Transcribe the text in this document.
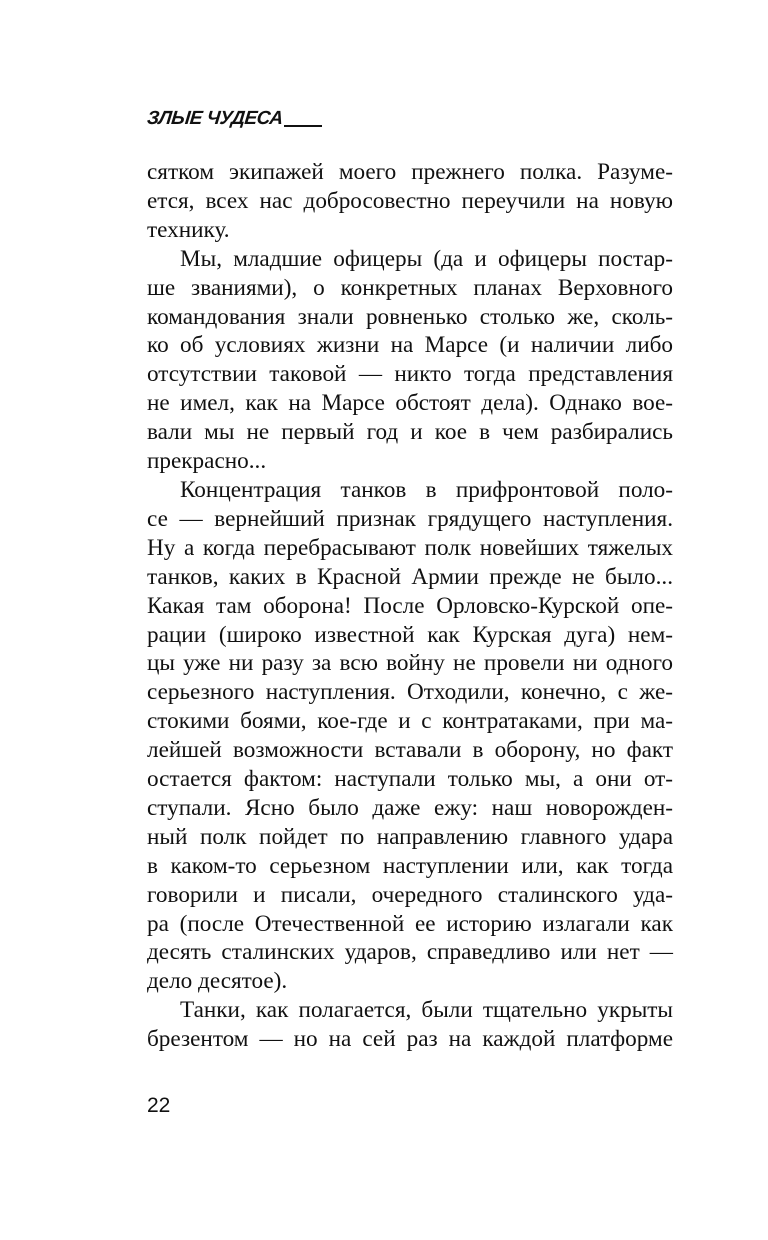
ЗЛЫЕ ЧУДЕСА

сятком экипажей моего прежнего полка. Разуме-
ется, всех нас добросовестно переучили на новую
технику.

Мы, младшие офицеры (да и офицеры постар-
ше званиями), о конкретных планах Верховного
командования знали ровненько столько же, сколь-
ко об условиях жизни на Марсе (и наличии либо
отсутствии таковой — никто тогда представления
не имел, как на Марсе обстоят дела). Однако вое-
вали мы не первый год и кое в чем разбирались
прекрасно...

Концентрация танков в прифронтовой поло-
се — вернейший признак грядущего наступления.
Ну а когда перебрасывают полк новейших тяжелых
танков, каких в Красной Армии прежде не было...
Какая там оборона! После Орловско-Курской опе-
рации (широко известной как Курская дуга) нем-
цы уже ни разу за всю войну не провели ни одного
серьезного наступления. Отходили, конечно, с же-
стокими боями, кое-где и с контратаками, при ма-
лейшей возможности вставали в оборону, но факт
остается фактом: наступали только мы, а они от-
ступали. Ясно было даже ежу: наш новорожден-
ный полк пойдет по направлению главного удара
в каком-то серьезном наступлении или, как тогда
говорили и писали, очередного сталинского уда-
ра (после Отечественной ее историю излагали как
десять сталинских ударов, справедливо или нет —
дело десятое).

Танки, как полагается, были тщательно укрыты
брезентом — но на сей раз на каждой платформе

22
